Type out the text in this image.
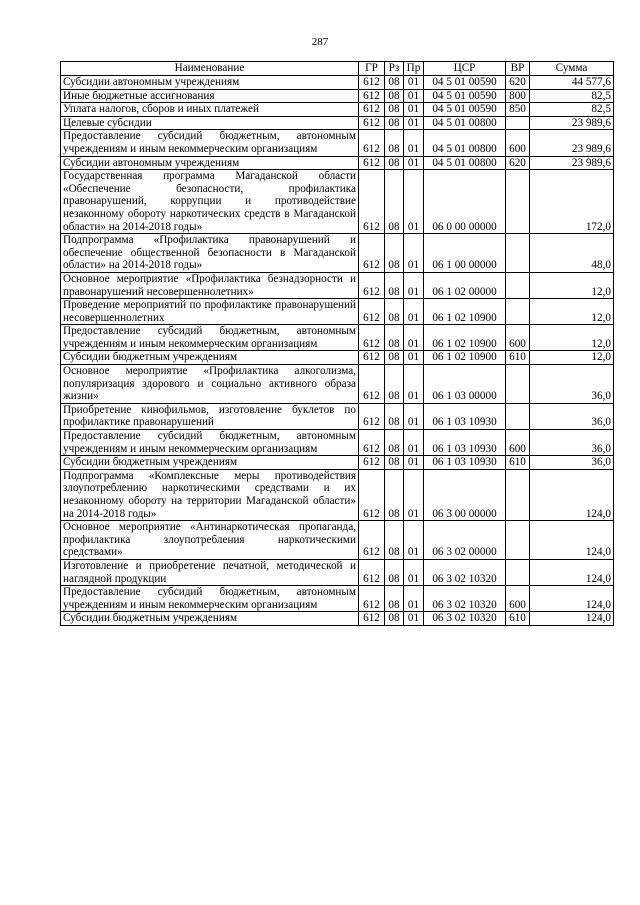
287
Наименование	ГР	Рз	Пр	ЦСР	ВР	Сумма
Субсидии автономным учреждениям	612	08	01	04 5 01 00590	620	44 577,6
Иные бюджетные ассигнования	612	08	01	04 5 01 00590	800	82,5
Уплата налогов, сборов и иных платежей	612	08	01	04 5 01 00590	850	82,5
Целевые субсидии	612	08	01	04 5 01 00800		23 989,6
Предоставление субсидий бюджетным, автономным учреждениям и иным некоммерческим организациям	612	08	01	04 5 01 00800	600	23 989,6
Субсидии автономным учреждениям	612	08	01	04 5 01 00800	620	23 989,6
Государственная программа Магаданской области «Обеспечение безопасности, профилактика правонарушений, коррупции и противодействие незаконному обороту наркотических средств в Магаданской области» на 2014-2018 годы»	612	08	01	06 0 00 00000		172,0
Подпрограмма «Профилактика правонарушений и обеспечение общественной безопасности в Магаданской области» на 2014-2018 годы»	612	08	01	06 1 00 00000		48,0
Основное мероприятие «Профилактика безнадзорности и правонарушений несовершеннолетних»	612	08	01	06 1 02 00000		12,0
Проведение мероприятий по профилактике правонарушений несовершеннолетних	612	08	01	06 1 02 10900		12,0
Предоставление субсидий бюджетным, автономным учреждениям и иным некоммерческим организациям	612	08	01	06 1 02 10900	600	12,0
Субсидии бюджетным учреждениям	612	08	01	06 1 02 10900	610	12,0
Основное мероприятие «Профилактика алкоголизма, популяризация здорового и социально активного образа жизни»	612	08	01	06 1 03 00000		36,0
Приобретение кинофильмов, изготовление буклетов по профилактике правонарушений	612	08	01	06 1 03 10930		36,0
Предоставление субсидий бюджетным, автономным учреждениям и иным некоммерческим организациям	612	08	01	06 1 03 10930	600	36,0
Субсидии бюджетным учреждениям	612	08	01	06 1 03 10930	610	36,0
Подпрограмма «Комплексные меры противодействия злоупотреблению наркотическими средствами и их незаконному обороту на территории Магаданской области» на 2014-2018 годы»	612	08	01	06 3 00 00000		124,0
Основное мероприятие «Антинаркотическая пропаганда, профилактика злоупотребления наркотическими средствами»	612	08	01	06 3 02 00000		124,0
Изготовление и приобретение печатной, методической и наглядной продукции	612	08	01	06 3 02 10320		124,0
Предоставление субсидий бюджетным, автономным учреждениям и иным некоммерческим организациям	612	08	01	06 3 02 10320	600	124,0
Субсидии бюджетным учреждениям	612	08	01	06 3 02 10320	610	124,0
